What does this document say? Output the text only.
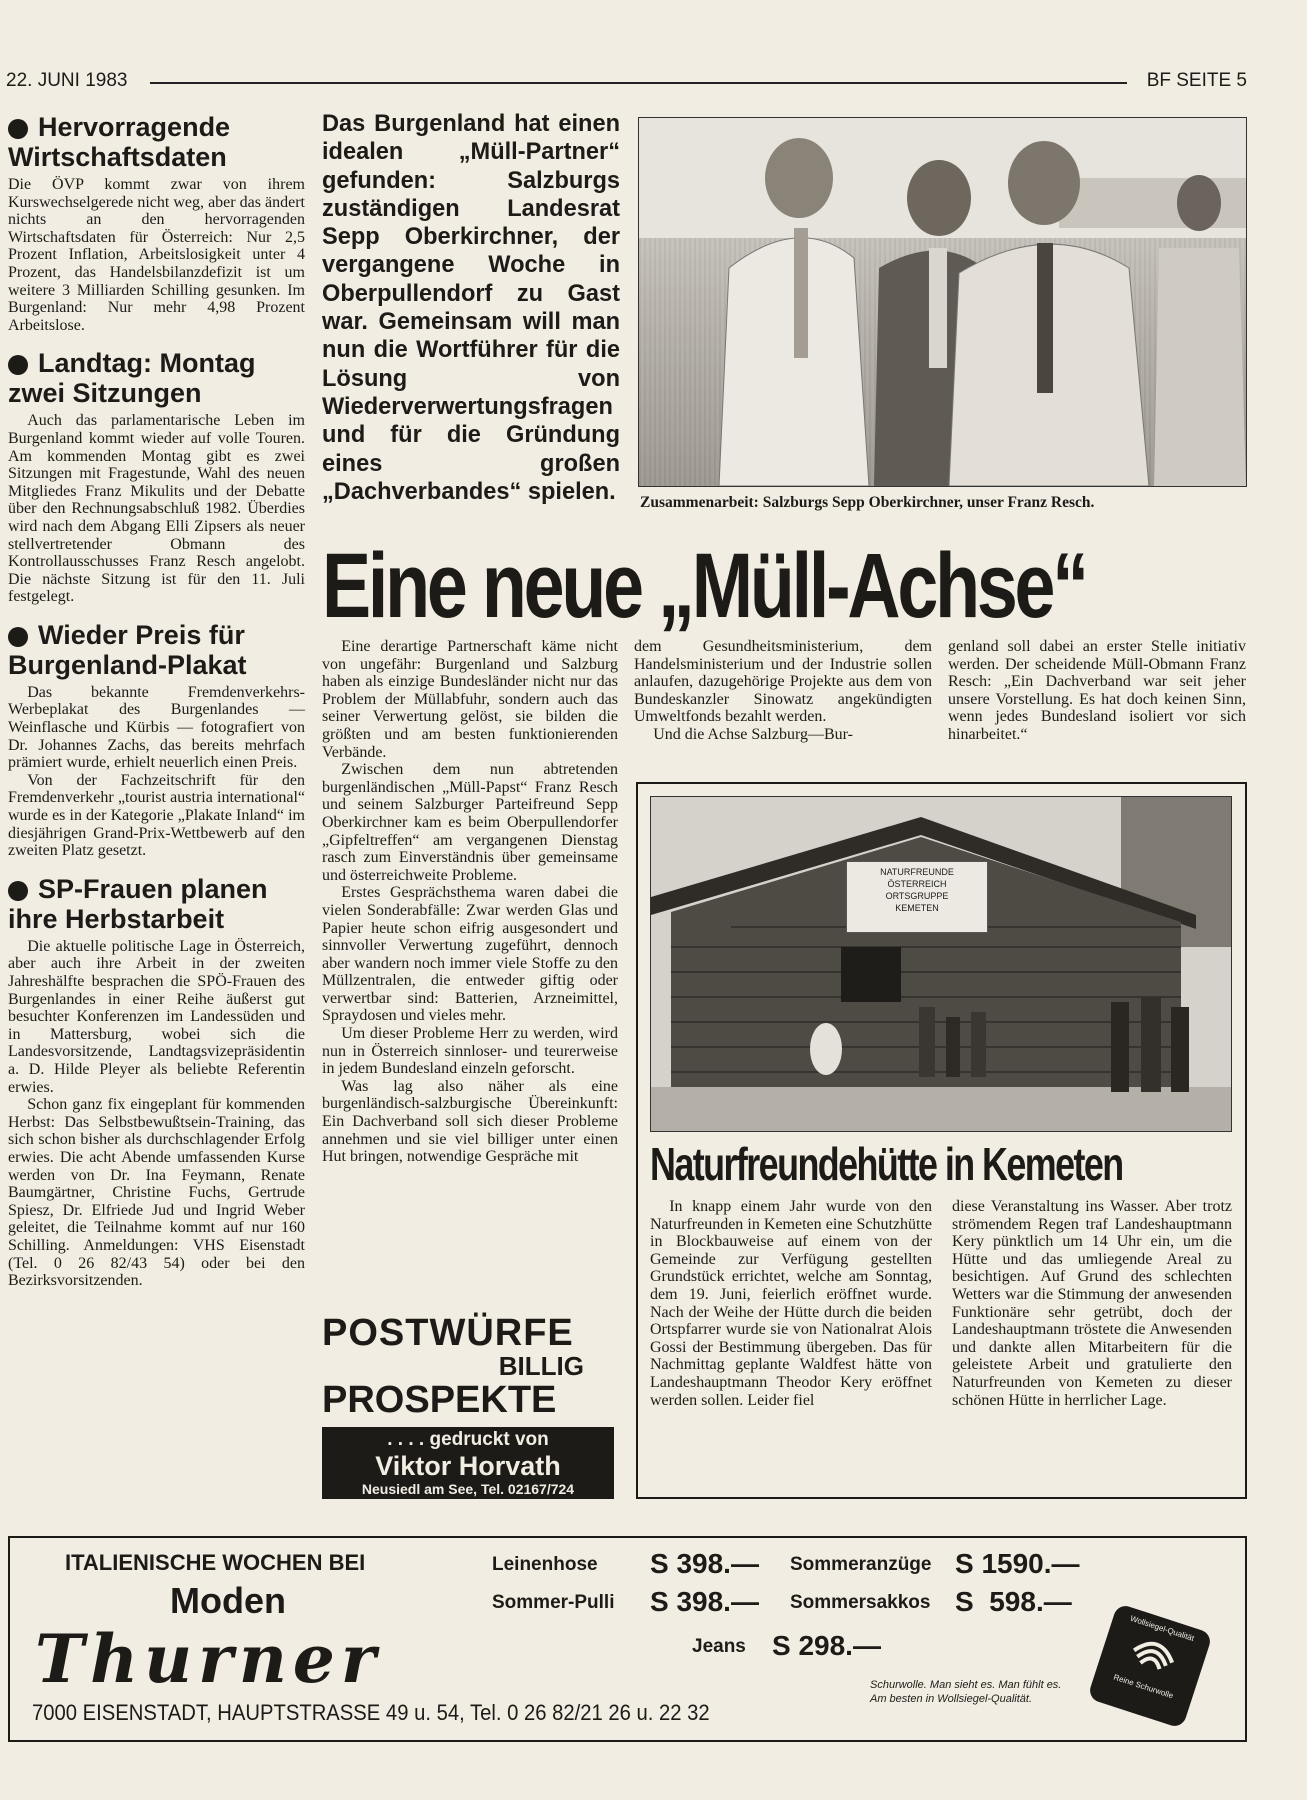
22. JUNI 1983	BF SEITE 5
Hervorragende Wirtschaftsdaten

Die ÖVP kommt zwar von ihrem Kurswechselgerede nicht weg, aber das ändert nichts an den hervorragenden Wirtschaftsdaten für Österreich: Nur 2,5 Prozent Inflation, Arbeitslosigkeit unter 4 Prozent, das Handelsbilanzdefizit ist um weitere 3 Milliarden Schilling gesunken. Im Burgenland: Nur mehr 4,98 Prozent Arbeitslose.

Landtag: Montag zwei Sitzungen

Auch das parlamentarische Leben im Burgenland kommt wieder auf volle Touren. Am kommenden Montag gibt es zwei Sitzungen mit Fragestunde, Wahl des neuen Mitgliedes Franz Mikulits und der Debatte über den Rechnungsabschluß 1982. Überdies wird nach dem Abgang Elli Zipsers als neuer stellvertretender Obmann des Kontrollausschusses Franz Resch angelobt. Die nächste Sitzung ist für den 11. Juli festgelegt.

Wieder Preis für Burgenland-Plakat

Das bekannte Fremdenverkehrs-Werbeplakat des Burgenlandes — Weinflasche und Kürbis — fotografiert von Dr. Johannes Zachs, das bereits mehrfach prämiert wurde, erhielt neuerlich einen Preis.

Von der Fachzeitschrift für den Fremdenverkehr „tourist austria international“ wurde es in der Kategorie „Plakate Inland“ im diesjährigen Grand-Prix-Wettbewerb auf den zweiten Platz gesetzt.

SP-Frauen planen ihre Herbstarbeit

Die aktuelle politische Lage in Österreich, aber auch ihre Arbeit in der zweiten Jahreshälfte besprachen die SPÖ-Frauen des Burgenlandes in einer Reihe äußerst gut besuchter Konferenzen im Landessüden und in Mattersburg, wobei sich die Landesvorsitzende, Landtagsvizepräsidentin a. D. Hilde Pleyer als beliebte Referentin erwies.

Schon ganz fix eingeplant für kommenden Herbst: Das Selbstbewußtsein-Training, das sich schon bisher als durchschlagender Erfolg erwies. Die acht Abende umfassenden Kurse werden von Dr. Ina Feymann, Renate Baumgärtner, Christine Fuchs, Gertrude Spiesz, Dr. Elfriede Jud und Ingrid Weber geleitet, die Teilnahme kommt auf nur 160 Schilling. Anmeldungen: VHS Eisenstadt (Tel. 0 26 82/43 54) oder bei den Bezirksvorsitzenden.

Das Burgenland hat einen idealen „Müll-Partner“ gefunden: Salzburgs zuständigen Landesrat Sepp Oberkirchner, der vergangene Woche in Oberpullendorf zu Gast war. Gemeinsam will man nun die Wortführer für die Lösung von Wiederverwertungsfragen und für die Gründung eines großen „Dachverbandes“ spielen. Zusammenarbeit: Salzburgs Sepp Oberkirchner, unser Franz Resch.
Eine neue „Müll-Achse“

Eine derartige Partnerschaft käme nicht von ungefähr: Burgenland und Salzburg haben als einzige Bundesländer nicht nur das Problem der Müllabfuhr, sondern auch das seiner Verwertung gelöst, sie bilden die größten und am besten funktionierenden Verbände.

Zwischen dem nun abtretenden burgenländischen „Müll-Papst“ Franz Resch und seinem Salzburger Parteifreund Sepp Oberkirchner kam es beim Oberpullendorfer „Gipfeltreffen“ am vergangenen Dienstag rasch zum Einverständnis über gemeinsame und österreichweite Probleme.

Erstes Gesprächsthema waren dabei die vielen Sonderabfälle: Zwar werden Glas und Papier heute schon eifrig ausgesondert und sinnvoller Verwertung zugeführt, dennoch aber wandern noch immer viele Stoffe zu den Müllzentralen, die entweder giftig oder verwertbar sind: Batterien, Arzneimittel, Spraydosen und vieles mehr.

Um dieser Probleme Herr zu werden, wird nun in Österreich sinnloser- und teurerweise in jedem Bundesland einzeln geforscht.

Was lag also näher als eine burgenländisch-salzburgische Übereinkunft: Ein Dachverband soll sich dieser Probleme annehmen und sie viel billiger unter einen Hut bringen, notwendige Gespräche mit

dem Gesundheitsministerium, dem Handelsministerium und der Industrie sollen anlaufen, dazugehörige Projekte aus dem von Bundeskanzler Sinowatz angekündigten Umweltfonds bezahlt werden.

Und die Achse Salzburg—Bur-

genland soll dabei an erster Stelle initiativ werden. Der scheidende Müll-Obmann Franz Resch: „Ein Dachverband war seit jeher unsere Vorstellung. Es hat doch keinen Sinn, wenn jedes Bundesland isoliert vor sich hinarbeitet.“

NATURFREUNDE
ÖSTERREICH
ORTSGRUPPE
KEMETEN
Naturfreundehütte in Kemeten

In knapp einem Jahr wurde von den Naturfreunden in Kemeten eine Schutzhütte in Blockbauweise auf einem von der Gemeinde zur Verfügung gestellten Grundstück errichtet, welche am Sonntag, dem 19. Juni, feierlich eröffnet wurde. Nach der Weihe der Hütte durch die beiden Ortspfarrer wurde sie von Nationalrat Alois Gossi der Bestimmung übergeben. Das für Nachmittag geplante Waldfest hätte von Landeshauptmann Theodor Kery eröffnet werden sollen. Leider fiel

diese Veranstaltung ins Wasser. Aber trotz strömendem Regen traf Landeshauptmann Kery pünktlich um 14 Uhr ein, um die Hütte und das umliegende Areal zu besichtigen. Auf Grund des schlechten Wetters war die Stimmung der anwesenden Funktionäre sehr getrübt, doch der Landeshauptmann tröstete die Anwesenden und dankte allen Mitarbeitern für die geleistete Arbeit und gratulierte den Naturfreunden von Kemeten zu dieser schönen Hütte in herrlicher Lage.

POSTWÜRFE
BILLIG
PROSPEKTE
. . . . gedruckt von
Viktor Horvath
Neusiedl am See, Tel. 02167/724
ITALIENISCHE WOCHEN BEI
Moden
Thurner
7000 EISENSTADT, HAUPTSTRASSE 49 u. 54, Tel. 0 26 82/21 26 u. 22 32
Leinenhose S 398.—
Sommer-Pulli S 398.—
Jeans S 298.—
Sommeranzüge S 1590.—
Sommersakkos S  598.—
Schurwolle. Man sieht es. Man fühlt es.
Am besten in Wollsiegel-Qualität.
Wollsiegel-Qualität
Reine Schurwolle
